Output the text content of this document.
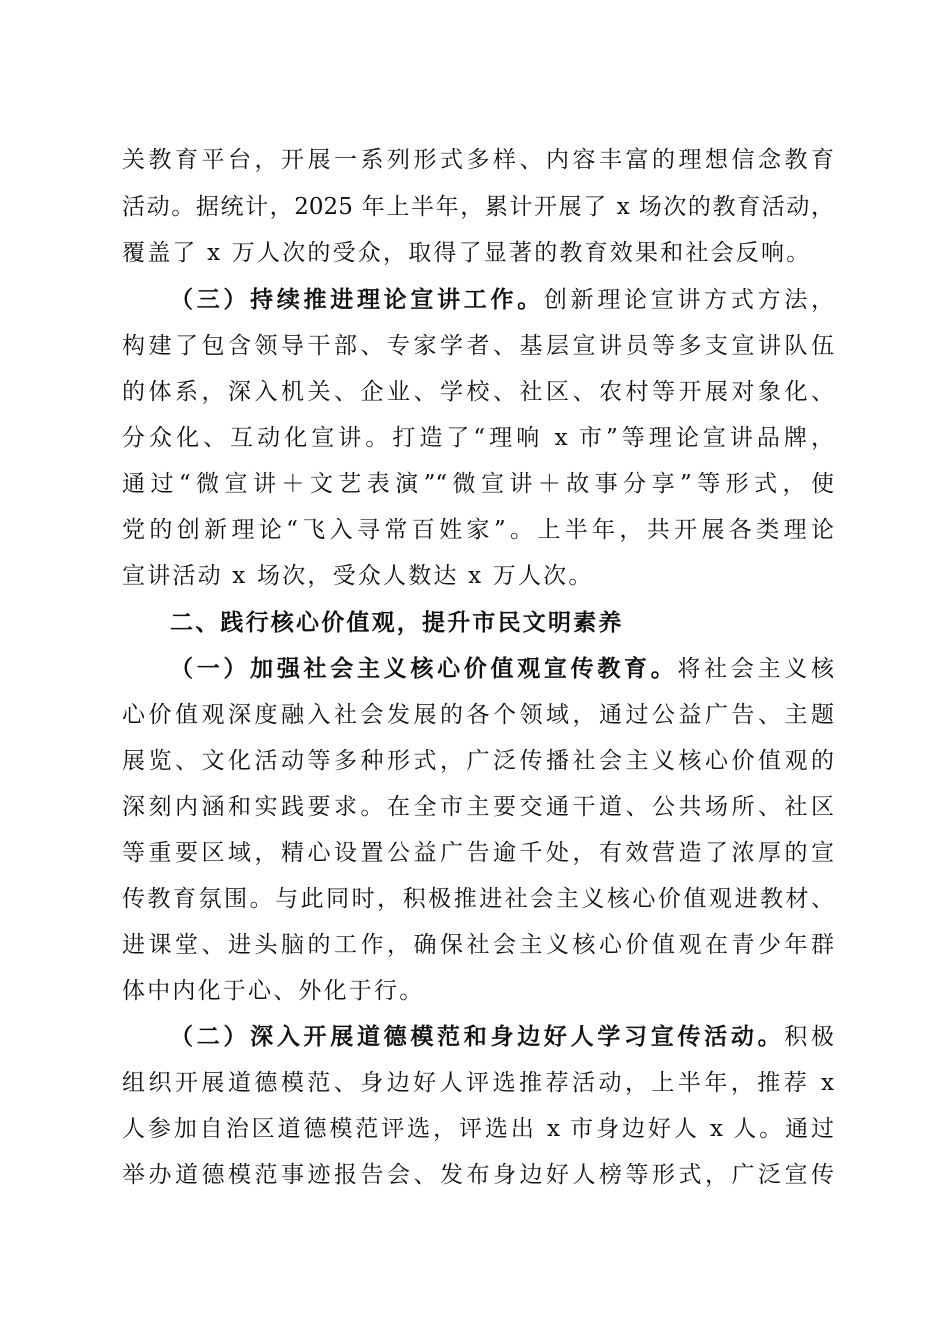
关教育平台，开展一系列形式多样、内容丰富的理想信念教育
活动。据统计，2025 年上半年，累计开展了 x 场次的教育活动，
覆盖了 x 万人次的受众，取得了显著的教育效果和社会反响。
（三）持续推进理论宣讲工作。创新理论宣讲方式方法，
构建了包含领导干部、专家学者、基层宣讲员等多支宣讲队伍
的体系，深入机关、企业、学校、社区、农村等开展对象化、
分众化、互动化宣讲。打造了“理响 x 市”等理论宣讲品牌，
通过“微宣讲＋文艺表演”“微宣讲＋故事分享”等形式，使
党的创新理论“飞入寻常百姓家”。上半年，共开展各类理论
宣讲活动 x 场次，受众人数达 x 万人次。
二、践行核心价值观，提升市民文明素养
（一）加强社会主义核心价值观宣传教育。将社会主义核
心价值观深度融入社会发展的各个领域，通过公益广告、主题
展览、文化活动等多种形式，广泛传播社会主义核心价值观的
深刻内涵和实践要求。在全市主要交通干道、公共场所、社区
等重要区域，精心设置公益广告逾千处，有效营造了浓厚的宣
传教育氛围。与此同时，积极推进社会主义核心价值观进教材、
进课堂、进头脑的工作，确保社会主义核心价值观在青少年群
体中内化于心、外化于行。
（二）深入开展道德模范和身边好人学习宣传活动。积极
组织开展道德模范、身边好人评选推荐活动，上半年，推荐 x
人参加自治区道德模范评选，评选出 x 市身边好人 x 人。通过
举办道德模范事迹报告会、发布身边好人榜等形式，广泛宣传
